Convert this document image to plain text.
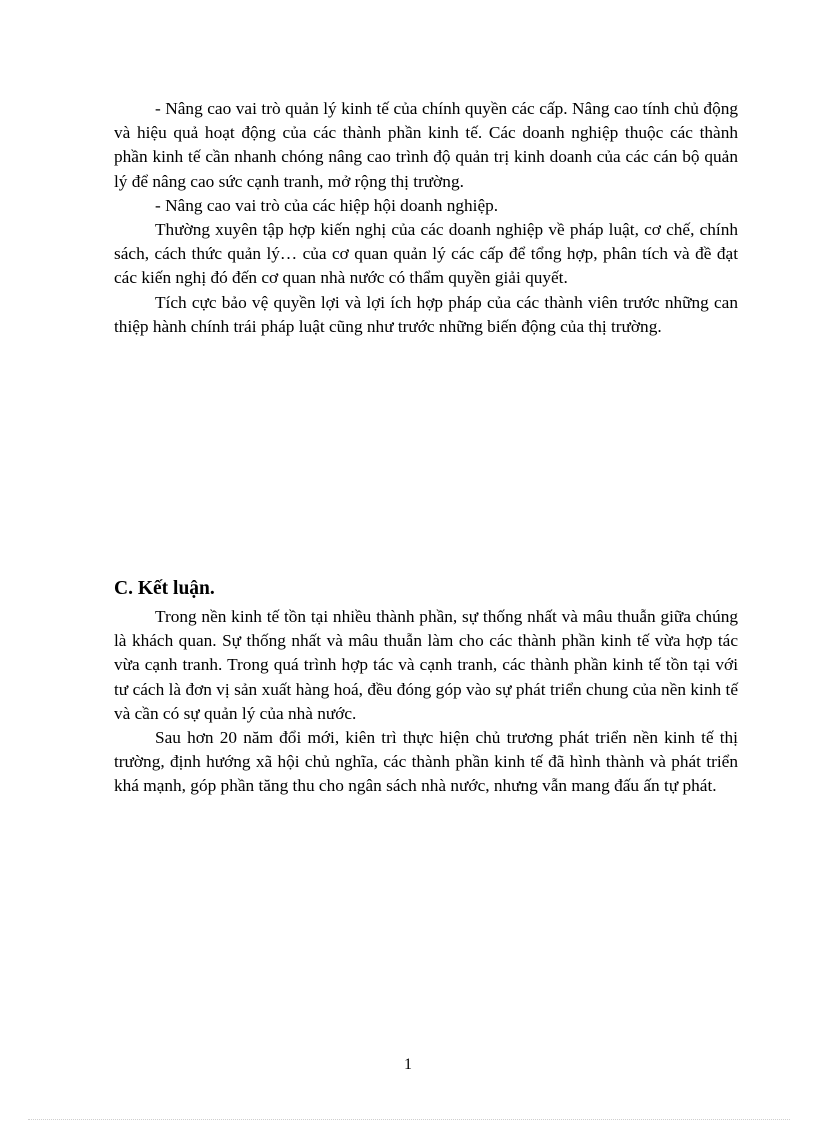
- Nâng cao vai trò quản lý kinh tế của chính quyền các cấp. Nâng cao tính chủ động và hiệu quả hoạt động của các thành phần kinh tế. Các doanh nghiệp thuộc các thành phần kinh tế cần nhanh chóng nâng cao trình độ quản trị kinh doanh của các cán bộ quản lý để nâng cao sức cạnh tranh, mở rộng thị trường.

- Nâng cao vai trò của các hiệp hội doanh nghiệp.

Thường xuyên tập hợp kiến nghị của các doanh nghiệp về pháp luật, cơ chế, chính sách, cách thức quản lý… của cơ quan quản lý các cấp để tổng hợp, phân tích và đề đạt các kiến nghị đó đến cơ quan nhà nước có thẩm quyền giải quyết.

Tích cực bảo vệ quyền lợi và lợi ích hợp pháp của các thành viên trước những can thiệp hành chính trái pháp luật cũng như trước những biến động của thị trường.

C. Kết luận.

Trong nền kinh tế tồn tại nhiều thành phần, sự thống nhất và mâu thuẫn giữa chúng là khách quan. Sự thống nhất và mâu thuẫn làm cho các thành phần kinh tế vừa hợp tác vừa cạnh tranh. Trong quá trình hợp tác và cạnh tranh, các thành phần kinh tế tồn tại với tư cách là đơn vị sản xuất hàng hoá, đều đóng góp vào sự phát triển chung của nền kinh tế và cần có sự quản lý của nhà nước.

Sau hơn 20 năm đổi mới, kiên trì thực hiện chủ trương phát triển nền kinh tế thị trường, định hướng xã hội chủ nghĩa, các thành phần kinh tế đã hình thành và phát triển khá mạnh, góp phần tăng thu cho ngân sách nhà nước, nhưng vẫn mang đấu ấn tự phát.

1
